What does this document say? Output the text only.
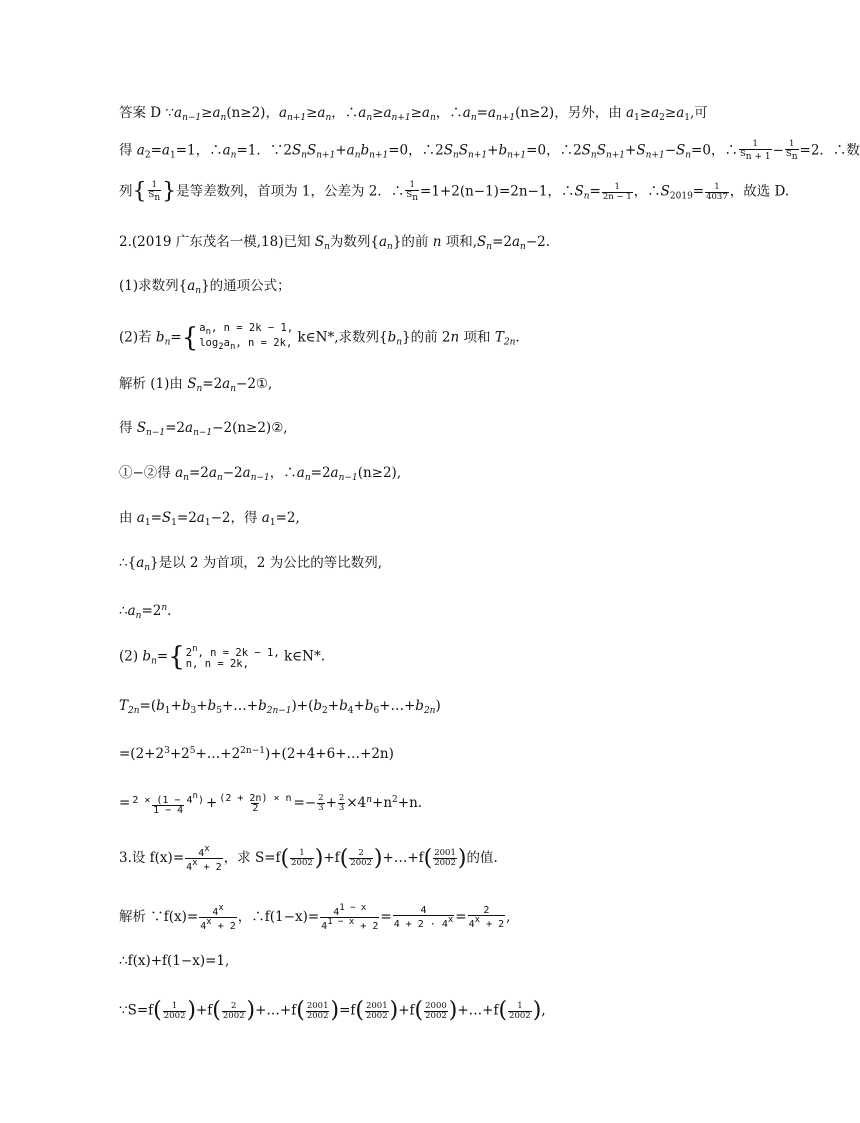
答案 D $\because a_{n-1}\ge a_n(n\ge 2)$，$a_{n+1}\ge a_n$，$\therefore a_n\ge a_{n+1}\ge a_n$，$\therefore a_n=a_{n+1}(n\ge 2)$，另外，由 $a_1\ge a_2\ge a_1$,可
得 $a_2=a_1=1$，$\therefore a_n=1$．$\because 2S_nS_{n+1}+a_nb_{n+1}=0$，$\therefore 2S_nS_{n+1}+b_{n+1}=0$，$\therefore 2S_nS_{n+1}+S_{n+1}-S_n=0$，∴ $\frac{1}{S_{n + 1}} - \frac{1}{S_n} =2$．∴数
列 { $\frac{1}{S_n}$ } 是等差数列，首项为 1，公差为 2．∴ $\frac{1}{S_n} =1+2(n-1)=2n-1$，$\therefore S_n= \frac{1}{2n - 1}$ ，$\therefore S_{2019}= \frac{1}{4037}$ ，故选 D.
2.(2019 广东茂名一模,18)已知 $S_n$为数列$\{a_n\}$的前 n 项和$,S_n=2a_n-2$.
(1)求数列$\{a_n\}$的通项公式；
(2)若 $b_n=$ { $a_n$, n = 2k − 1,
$\log_2a_n$, n = 2k, k∈N*,求数列$\{b_n\}$的前 2n 项和 $T_{2n}$.
解析 (1)由 $S_n=2a_n-2①$,
得 $S_{n-1}=2a_{n-1}-2(n\ge 2)②$,
①−②得 $a_n=2a_n-2a_{n-1}$，$\therefore a_n=2a_{n-1}(n\ge 2)$,
由 $a_1=S_1=2a_1-2$，得 $a_1=2$,
$\therefore\{a_n\}$是以 2 为首项，2 为公比的等比数列,
$\therefore a_n=2^n$.
(2) $b_n=$ { 2$^n$, n = 2k − 1,
n, n = 2k,	k∈N*.
$T_{2n}=(b_1+b_3+b_5+\dots+b_{2n-1})+(b_2+b_4+b_6+\dots+b_{2n})$
$=(2+2^3+2^5+\dots+2^{2n-1})+(2+4+6+\dots+2n)$
= $\frac{2 \times (1 - 4^n)}{1 - 4} + \frac{(2 + 2n) \times n}{2} =- \frac{2}{3} + \frac{2}{3} \times 4^n+n^2+n$.
3.设 $f(x)= \frac{4^x}{4^x + 2}$ ，求 S=f ( $\frac{1}{2002}$ ) +f ( $\frac{2}{2002}$ ) +…+f ( $\frac{2001}{2002}$ ) 的值.
解析 ∵f(x)= $\frac{4^x}{4^x + 2}$ ，∴f(1−x)= $\frac{4^{1 - x}}{4^{1 - x} + 2} = \frac{4}{4 + 2 \cdot 4^x} = \frac{2}{4^x + 2}$ ,
∴f(x)+f(1−x)=1,
∵S=f ( $\frac{1}{2002}$ ) +f ( $\frac{2}{2002}$ ) +…+f ( $\frac{2001}{2002}$ ) =f ( $\frac{2001}{2002}$ ) +f ( $\frac{2000}{2002}$ ) +…+f ( $\frac{1}{2002}$ ) ,
